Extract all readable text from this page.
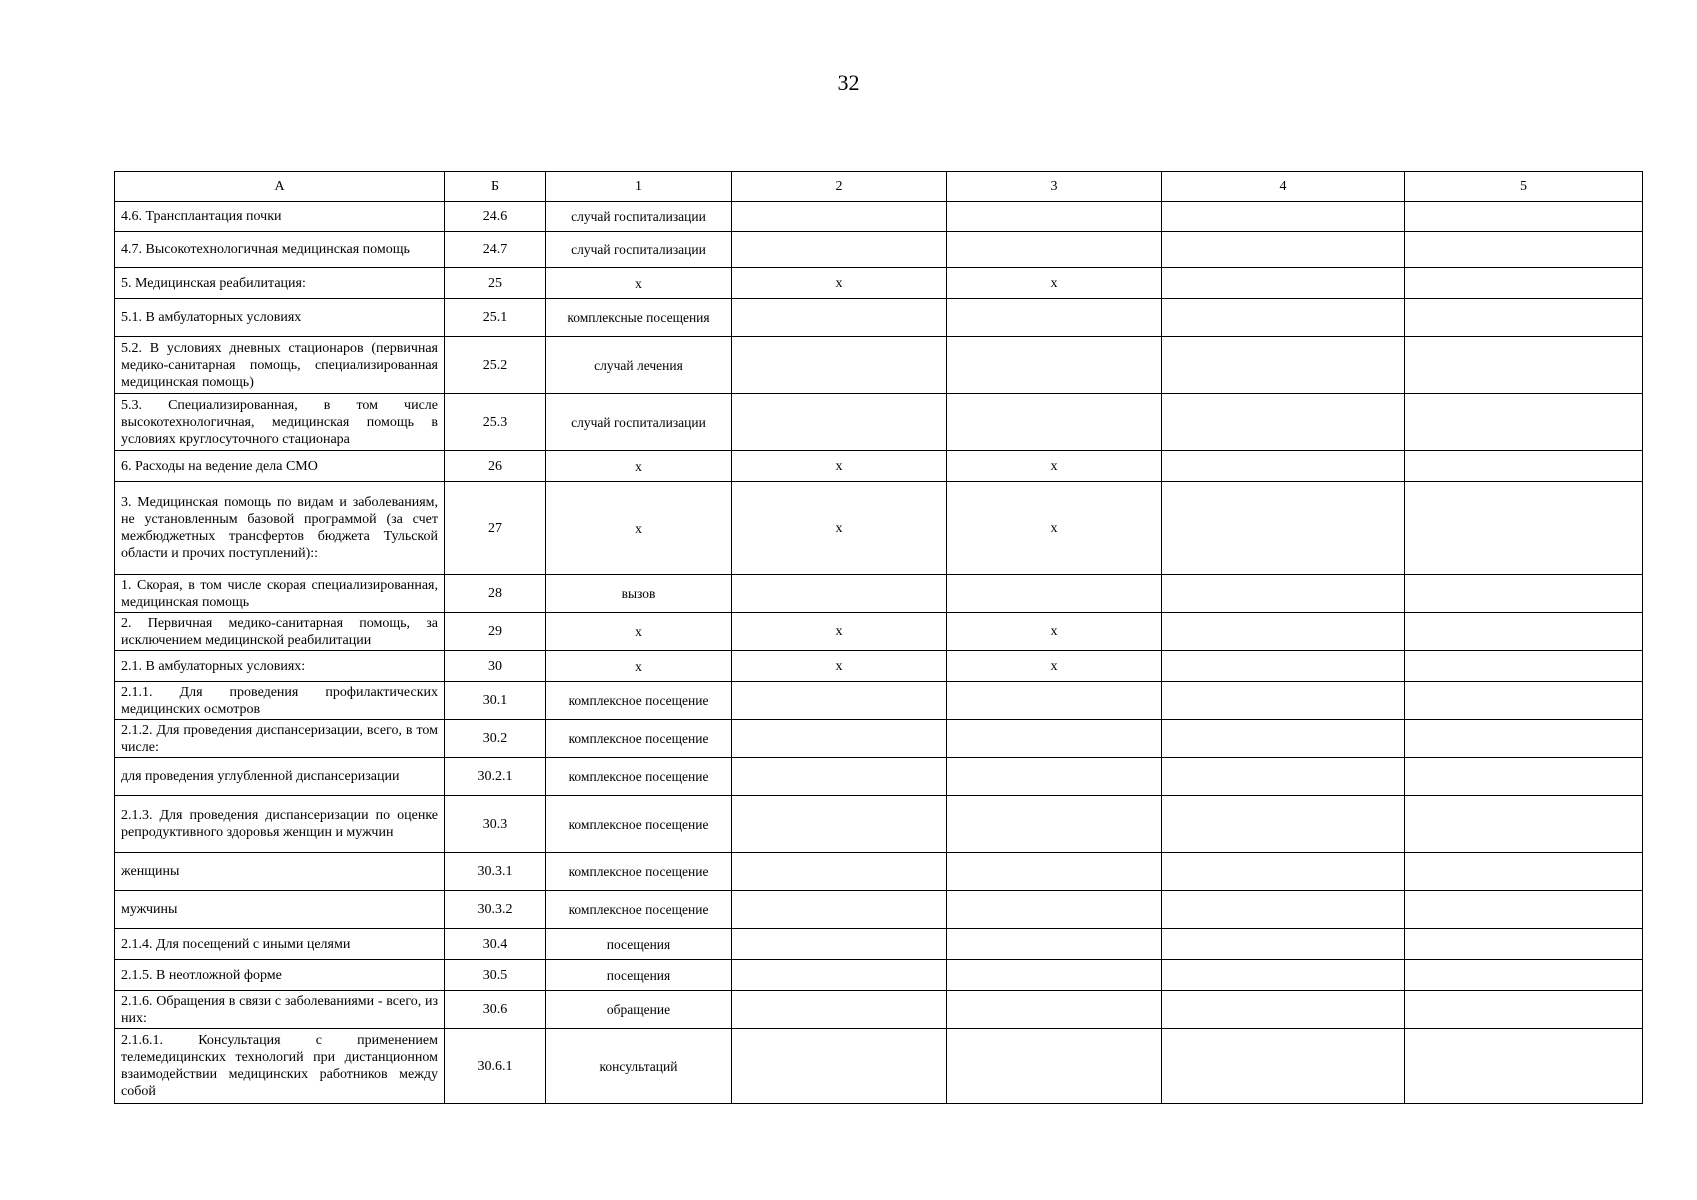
32
А	Б	1	2	3	4	5
4.6. Трансплантация почки	24.6	случай госпитализации				
4.7. Высокотехнологичная медицинская помощь	24.7	случай госпитализации				
5. Медицинская реабилитация:	25	х	х	х		
5.1. В амбулаторных условиях	25.1	комплексные посещения				
5.2. В условиях дневных стационаров (первичная медико-санитарная помощь, специализированная медицинская помощь)	25.2	случай лечения				
5.3. Специализированная, в том числе высокотехнологичная, медицинская помощь в условиях круглосуточного стационара	25.3	случай госпитализации				
6. Расходы на ведение дела СМО	26	х	х	х		
3. Медицинская помощь по видам и заболеваниям, не установленным базовой программой (за счет межбюджетных трансфертов бюджета Тульской области и прочих поступлений)::	27	х	х	х		
1. Скорая, в том числе скорая специализированная, медицинская помощь	28	вызов				
2. Первичная медико-санитарная помощь, за исключением медицинской реабилитации	29	х	х	х		
2.1. В амбулаторных условиях:	30	х	х	х		
2.1.1. Для проведения профилактических медицинских осмотров	30.1	комплексное посещение				
2.1.2. Для проведения диспансеризации, всего, в том числе:	30.2	комплексное посещение				
для проведения углубленной диспансеризации	30.2.1	комплексное посещение				
2.1.3. Для проведения диспансеризации по оценке репродуктивного здоровья женщин и мужчин	30.3	комплексное посещение				
женщины	30.3.1	комплексное посещение				
мужчины	30.3.2	комплексное посещение				
2.1.4. Для посещений с иными целями	30.4	посещения				
2.1.5. В неотложной форме	30.5	посещения				
2.1.6. Обращения в связи с заболеваниями - всего, из них:	30.6	обращение				
2.1.6.1. Консультация с применением телемедицинских технологий при дистанционном взаимодействии медицинских работников между собой	30.6.1	консультаций				
